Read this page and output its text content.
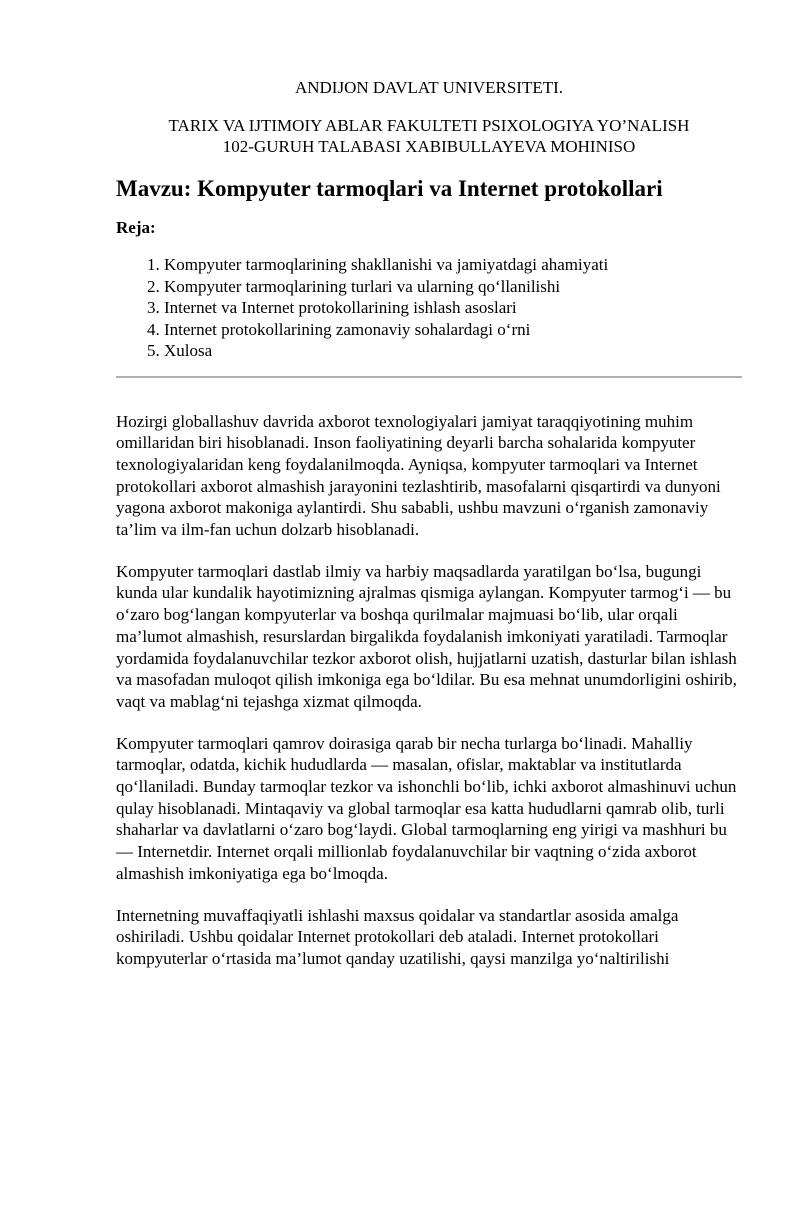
ANDIJON DAVLAT UNIVERSITETI.
TARIX VA IJTIMOIY ABLAR FAKULTETI PSIXOLOGIYA YO’NALISH
102-GURUH TALABASI XABIBULLAYEVA MOHINISO
Mavzu: Kompyuter tarmoqlari va Internet protokollari
Reja:
1. Kompyuter tarmoqlarining shakllanishi va jamiyatdagi ahamiyati
2. Kompyuter tarmoqlarining turlari va ularning qo‘llanilishi
3. Internet va Internet protokollarining ishlash asoslari
4. Internet protokollarining zamonaviy sohalardagi o‘rni
5. Xulosa

Hozirgi globallashuv davrida axborot texnologiyalari jamiyat taraqqiyotining muhim omillaridan biri hisoblanadi. Inson faoliyatining deyarli barcha sohalarida kompyuter texnologiyalaridan keng foydalanilmoqda. Ayniqsa, kompyuter tarmoqlari va Internet protokollari axborot almashish jarayonini tezlashtirib, masofalarni qisqartirdi va dunyoni yagona axborot makoniga aylantirdi. Shu sababli, ushbu mavzuni o‘rganish zamonaviy ta’lim va ilm-fan uchun dolzarb hisoblanadi.

Kompyuter tarmoqlari dastlab ilmiy va harbiy maqsadlarda yaratilgan bo‘lsa, bugungi kunda ular kundalik hayotimizning ajralmas qismiga aylangan. Kompyuter tarmog‘i — bu o‘zaro bog‘langan kompyuterlar va boshqa qurilmalar majmuasi bo‘lib, ular orqali ma’lumot almashish, resurslardan birgalikda foydalanish imkoniyati yaratiladi. Tarmoqlar yordamida foydalanuvchilar tezkor axborot olish, hujjatlarni uzatish, dasturlar bilan ishlash va masofadan muloqot qilish imkoniga ega bo‘ldilar. Bu esa mehnat unumdorligini oshirib, vaqt va mablag‘ni tejashga xizmat qilmoqda.

Kompyuter tarmoqlari qamrov doirasiga qarab bir necha turlarga bo‘linadi. Mahalliy tarmoqlar, odatda, kichik hududlarda — masalan, ofislar, maktablar va institutlarda qo‘llaniladi. Bunday tarmoqlar tezkor va ishonchli bo‘lib, ichki axborot almashinuvi uchun qulay hisoblanadi. Mintaqaviy va global tarmoqlar esa katta hududlarni qamrab olib, turli shaharlar va davlatlarni o‘zaro bog‘laydi. Global tarmoqlarning eng yirigi va mashhuri bu — Internetdir. Internet orqali millionlab foydalanuvchilar bir vaqtning o‘zida axborot almashish imkoniyatiga ega bo‘lmoqda.

Internetning muvaffaqiyatli ishlashi maxsus qoidalar va standartlar asosida amalga oshiriladi. Ushbu qoidalar Internet protokollari deb ataladi. Internet protokollari kompyuterlar o‘rtasida ma’lumot qanday uzatilishi, qaysi manzilga yo‘naltirilishi
